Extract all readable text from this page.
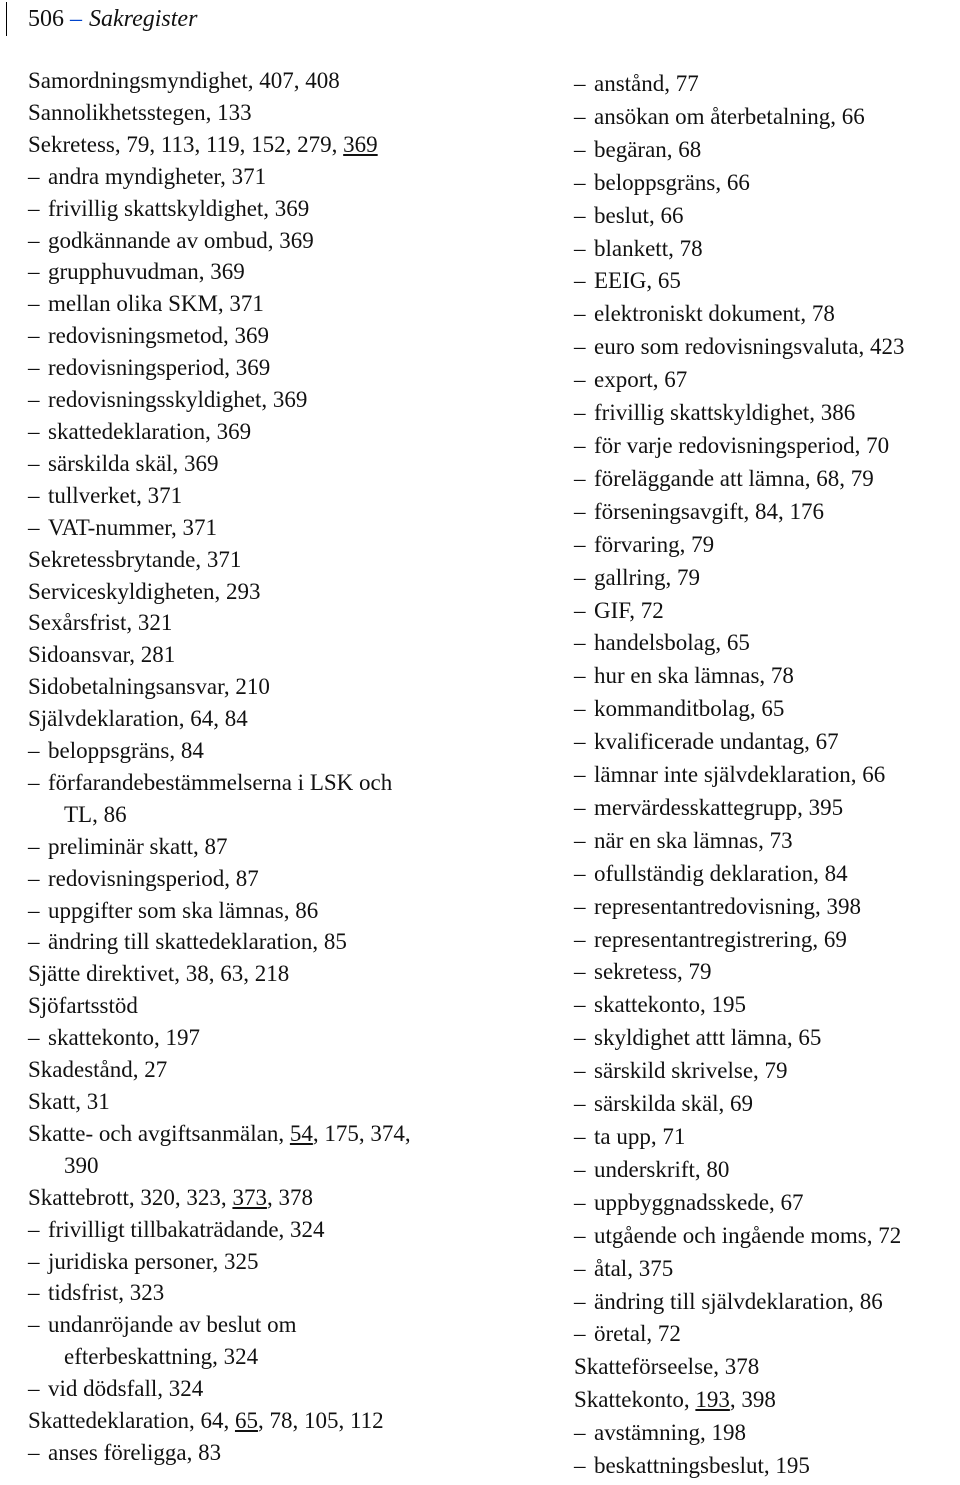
506 – Sakregister
Samordningsmyndighet, 407, 408
Sannolikhetsstegen, 133
Sekretess, 79, 113, 119, 152, 279, 369
– andra myndigheter, 371
– frivillig skattskyldighet, 369
– godkännande av ombud, 369
– grupphuvudman, 369
– mellan olika SKM, 371
– redovisningsmetod, 369
– redovisningsperiod, 369
– redovisningsskyldighet, 369
– skattedeklaration, 369
– särskilda skäl, 369
– tullverket, 371
– VAT-nummer, 371
Sekretessbrytande, 371
Serviceskyldigheten, 293
Sexårsfrist, 321
Sidoansvar, 281
Sidobetalningsansvar, 210
Självdeklaration, 64, 84
– beloppsgräns, 84
– förfarandebestämmelserna i LSK och
TL, 86
– preliminär skatt, 87
– redovisningsperiod, 87
– uppgifter som ska lämnas, 86
– ändring till skattedeklaration, 85
Sjätte direktivet, 38, 63, 218
Sjöfartsstöd
– skattekonto, 197
Skadestånd, 27
Skatt, 31
Skatte- och avgiftsanmälan, 54, 175, 374,
390
Skattebrott, 320, 323, 373, 378
– frivilligt tillbakaträdande, 324
– juridiska personer, 325
– tidsfrist, 323
– undanröjande av beslut om
efterbeskattning, 324
– vid dödsfall, 324
Skattedeklaration, 64, 65, 78, 105, 112
– anses föreligga, 83
– anstånd, 77
– ansökan om återbetalning, 66
– begäran, 68
– beloppsgräns, 66
– beslut, 66
– blankett, 78
– EEIG, 65
– elektroniskt dokument, 78
– euro som redovisningsvaluta, 423
– export, 67
– frivillig skattskyldighet, 386
– för varje redovisningsperiod, 70
– föreläggande att lämna, 68, 79
– förseningsavgift, 84, 176
– förvaring, 79
– gallring, 79
– GIF, 72
– handelsbolag, 65
– hur en ska lämnas, 78
– kommanditbolag, 65
– kvalificerade undantag, 67
– lämnar inte självdeklaration, 66
– mervärdesskattegrupp, 395
– när en ska lämnas, 73
– ofullständig deklaration, 84
– representantredovisning, 398
– representantregistrering, 69
– sekretess, 79
– skattekonto, 195
– skyldighet attt lämna, 65
– särskild skrivelse, 79
– särskilda skäl, 69
– ta upp, 71
– underskrift, 80
– uppbyggnadsskede, 67
– utgående och ingående moms, 72
– åtal, 375
– ändring till självdeklaration, 86
– öretal, 72
Skatteförseelse, 378
Skattekonto, 193, 398
– avstämning, 198
– beskattningsbeslut, 195
